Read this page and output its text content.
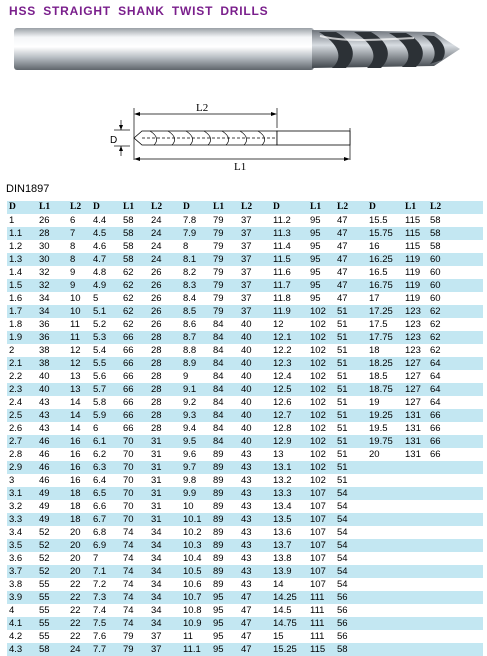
HSS STRAIGHT SHANK TWIST DRILLS
L2
D
L1
DIN1897
D	L1	L2	D	L1	L2	D	L1	L2	D	L1	L2	D	L1	L2
1	26	6	4.4	58	24	7.8	79	37	11.2	95	47	15.5	115	58
1.1	28	7	4.5	58	24	7.9	79	37	11.3	95	47	15.75	115	58
1.2	30	8	4.6	58	24	8	79	37	11.4	95	47	16	115	58
1.3	30	8	4.7	58	24	8.1	79	37	11.5	95	47	16.25	119	60
1.4	32	9	4.8	62	26	8.2	79	37	11.6	95	47	16.5	119	60
1.5	32	9	4.9	62	26	8.3	79	37	11.7	95	47	16.75	119	60
1.6	34	10	5	62	26	8.4	79	37	11.8	95	47	17	119	60
1.7	34	10	5.1	62	26	8.5	79	37	11.9	102	51	17.25	123	62
1.8	36	11	5.2	62	26	8.6	84	40	12	102	51	17.5	123	62
1.9	36	11	5.3	66	28	8.7	84	40	12.1	102	51	17.75	123	62
2	38	12	5.4	66	28	8.8	84	40	12.2	102	51	18	123	62
2.1	38	12	5.5	66	28	8.9	84	40	12.3	102	51	18.25	127	64
2.2	40	13	5.6	66	28	9	84	40	12.4	102	51	18.5	127	64
2.3	40	13	5.7	66	28	9.1	84	40	12.5	102	51	18.75	127	64
2.4	43	14	5.8	66	28	9.2	84	40	12.6	102	51	19	127	64
2.5	43	14	5.9	66	28	9.3	84	40	12.7	102	51	19.25	131	66
2.6	43	14	6	66	28	9.4	84	40	12.8	102	51	19.5	131	66
2.7	46	16	6.1	70	31	9.5	84	40	12.9	102	51	19.75	131	66
2.8	46	16	6.2	70	31	9.6	89	43	13	102	51	20	131	66
2.9	46	16	6.3	70	31	9.7	89	43	13.1	102	51			
3	46	16	6.4	70	31	9.8	89	43	13.2	102	51			
3.1	49	18	6.5	70	31	9.9	89	43	13.3	107	54			
3.2	49	18	6.6	70	31	10	89	43	13.4	107	54			
3.3	49	18	6.7	70	31	10.1	89	43	13.5	107	54			
3.4	52	20	6.8	74	34	10.2	89	43	13.6	107	54			
3.5	52	20	6.9	74	34	10.3	89	43	13.7	107	54			
3.6	52	20	7	74	34	10.4	89	43	13.8	107	54			
3.7	52	20	7.1	74	34	10.5	89	43	13.9	107	54			
3.8	55	22	7.2	74	34	10.6	89	43	14	107	54			
3.9	55	22	7.3	74	34	10.7	95	47	14.25	111	56			
4	55	22	7.4	74	34	10.8	95	47	14.5	111	56			
4.1	55	22	7.5	74	34	10.9	95	47	14.75	111	56			
4.2	55	22	7.6	79	37	11	95	47	15	111	56			
4.3	58	24	7.7	79	37	11.1	95	47	15.25	115	58			
